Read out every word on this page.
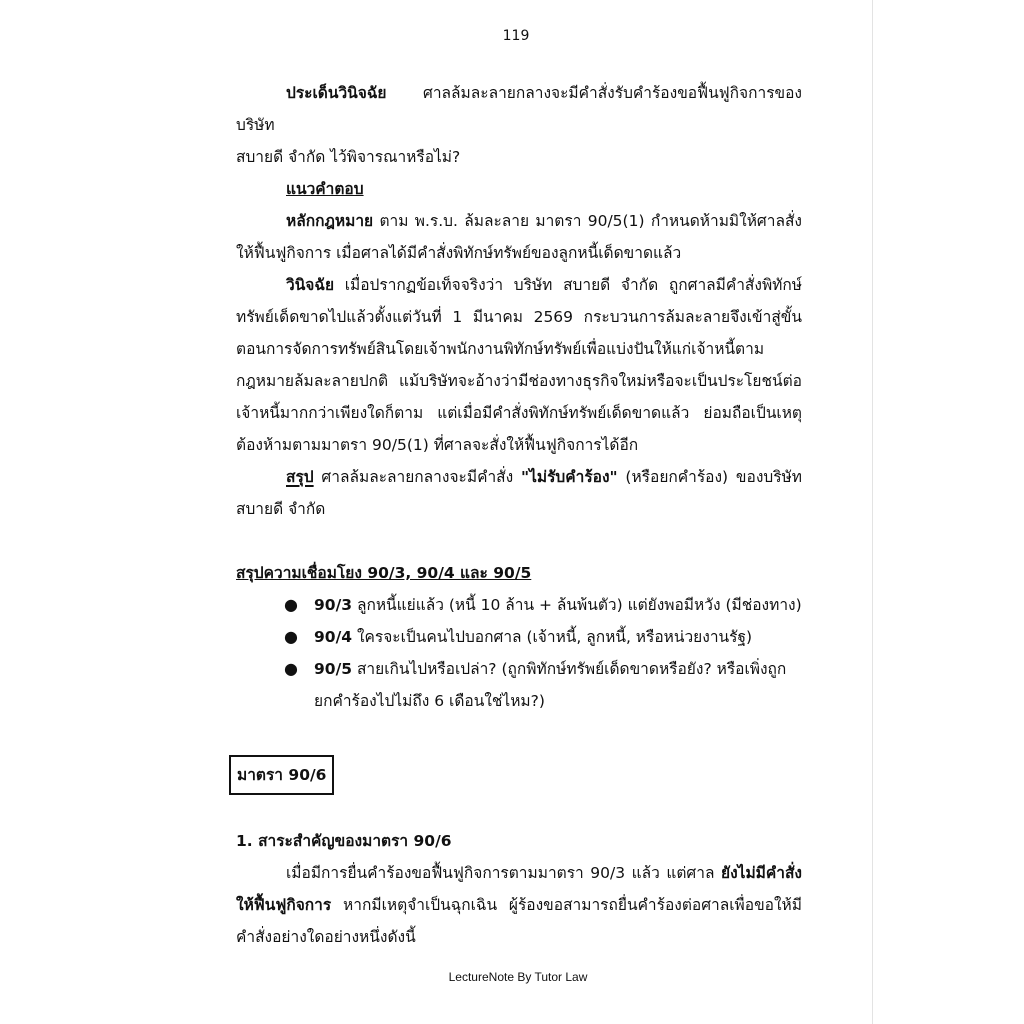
119

ประเด็นวินิจฉัย ศาลล้มละลายกลางจะมีคำสั่งรับคำร้องขอฟื้นฟูกิจการของบริษัท
สบายดี จำกัด ไว้พิจารณาหรือไม่?

แนวคำตอบ

หลักกฎหมาย ตาม พ.ร.บ. ล้มละลาย มาตรา 90/5(1) กำหนดห้ามมิให้ศาลสั่งให้ฟื้นฟูกิจการ เมื่อศาลได้มีคำสั่งพิทักษ์ทรัพย์ของลูกหนี้เด็ดขาดแล้ว

วินิจฉัย เมื่อปรากฏข้อเท็จจริงว่า บริษัท สบายดี จำกัด ถูกศาลมีคำสั่งพิทักษ์ทรัพย์เด็ดขาดไปแล้วตั้งแต่วันที่ 1 มีนาคม 2569 กระบวนการล้มละลายจึงเข้าสู่ขั้นตอนการจัดการทรัพย์สินโดยเจ้าพนักงานพิทักษ์ทรัพย์เพื่อแบ่งปันให้แก่เจ้าหนี้ตามกฎหมายล้มละลายปกติ แม้บริษัทจะอ้างว่ามีช่องทางธุรกิจใหม่หรือจะเป็นประโยชน์ต่อเจ้าหนี้มากกว่าเพียงใดก็ตาม แต่เมื่อมีคำสั่งพิทักษ์ทรัพย์เด็ดขาดแล้ว ย่อมถือเป็นเหตุต้องห้ามตามมาตรา 90/5(1) ที่ศาลจะสั่งให้ฟื้นฟูกิจการได้อีก

สรุป ศาลล้มละลายกลางจะมีคำสั่ง "ไม่รับคำร้อง" (หรือยกคำร้อง) ของบริษัทสบายดี จำกัด

สรุปความเชื่อมโยง 90/3, 90/4 และ 90/5

● 90/3 ลูกหนี้แย่แล้ว (หนี้ 10 ล้าน + ล้นพ้นตัว) แต่ยังพอมีหวัง (มีช่องทาง)
● 90/4 ใครจะเป็นคนไปบอกศาล (เจ้าหนี้, ลูกหนี้, หรือหน่วยงานรัฐ)
● 90/5 สายเกินไปหรือเปล่า? (ถูกพิทักษ์ทรัพย์เด็ดขาดหรือยัง? หรือเพิ่งถูกยกคำร้องไปไม่ถึง 6 เดือนใช่ไหม?)

มาตรา 90/6

1. สาระสำคัญของมาตรา 90/6

เมื่อมีการยื่นคำร้องขอฟื้นฟูกิจการตามมาตรา 90/3 แล้ว แต่ศาล ยังไม่มีคำสั่งให้ฟื้นฟูกิจการ หากมีเหตุจำเป็นฉุกเฉิน ผู้ร้องขอสามารถยื่นคำร้องต่อศาลเพื่อขอให้มีคำสั่งอย่างใดอย่างหนึ่งดังนี้

LectureNote By Tutor Law
